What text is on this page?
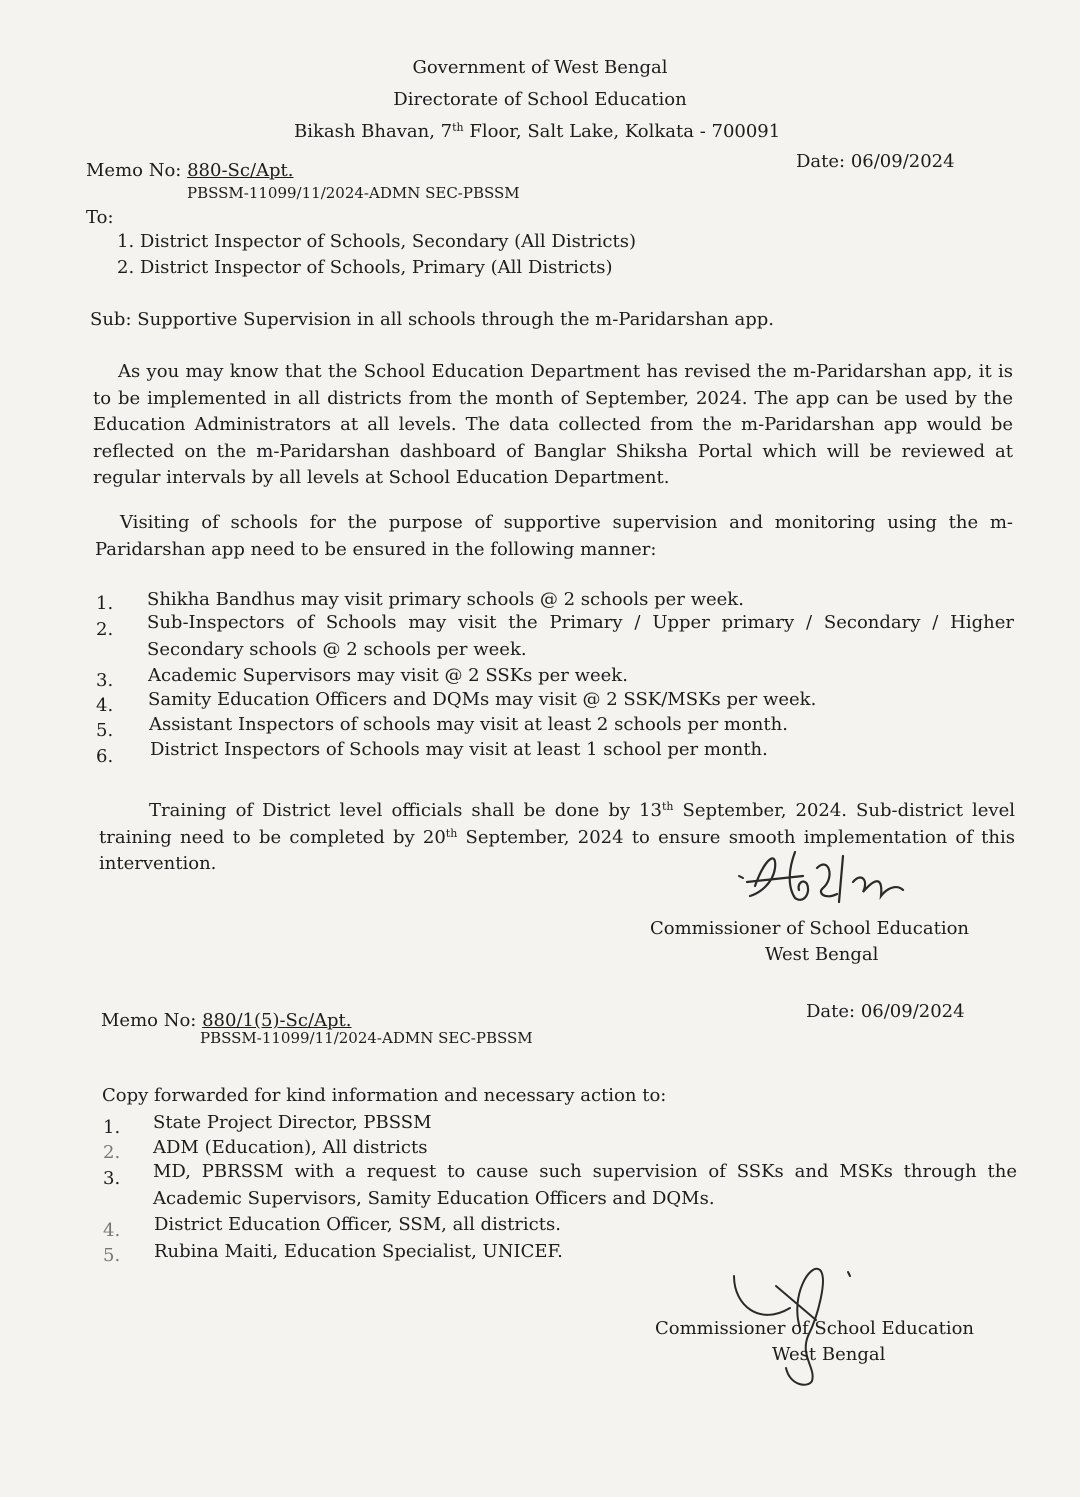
Government of West Bengal
Directorate of School Education
Bikash Bhavan, 7th Floor, Salt Lake, Kolkata - 700091
Memo No: 880-Sc/Apt.	Date: 06/09/2024
PBSSM-11099/11/2024-ADMN SEC-PBSSM
To:
1. District Inspector of Schools, Secondary (All Districts)
2. District Inspector of Schools, Primary (All Districts)
Sub: Supportive Supervision in all schools through the m-Paridarshan app.
As you may know that the School Education Department has revised the m-Paridarshan app, it is to be implemented in all districts from the month of September, 2024. The app can be used by the Education Administrators at all levels. The data collected from the m-Paridarshan app would be reflected on the m-Paridarshan dashboard of Banglar Shiksha Portal which will be reviewed at regular intervals by all levels at School Education Department.
Visiting of schools for the purpose of supportive supervision and monitoring using the m-Paridarshan app need to be ensured in the following manner:
1. Shikha Bandhus may visit primary schools @ 2 schools per week.
2. Sub-Inspectors of Schools may visit the Primary / Upper primary / Secondary / Higher Secondary schools @ 2 schools per week.
3. Academic Supervisors may visit @ 2 SSKs per week.
4. Samity Education Officers and DQMs may visit @ 2 SSK/MSKs per week.
5. Assistant Inspectors of schools may visit at least 2 schools per month.
6. District Inspectors of Schools may visit at least 1 school per month.
Training of District level officials shall be done by 13th September, 2024. Sub-district level training need to be completed by 20th September, 2024 to ensure smooth implementation of this intervention.
Commissioner of School Education
West Bengal
Memo No: 880/1(5)-Sc/Apt.	Date: 06/09/2024
PBSSM-11099/11/2024-ADMN SEC-PBSSM
Copy forwarded for kind information and necessary action to:
1. State Project Director, PBSSM
2. ADM (Education), All districts
3. MD, PBRSSM with a request to cause such supervision of SSKs and MSKs through the Academic Supervisors, Samity Education Officers and DQMs.
4. District Education Officer, SSM, all districts.
5. Rubina Maiti, Education Specialist, UNICEF.
Commissioner of School Education
West Bengal
